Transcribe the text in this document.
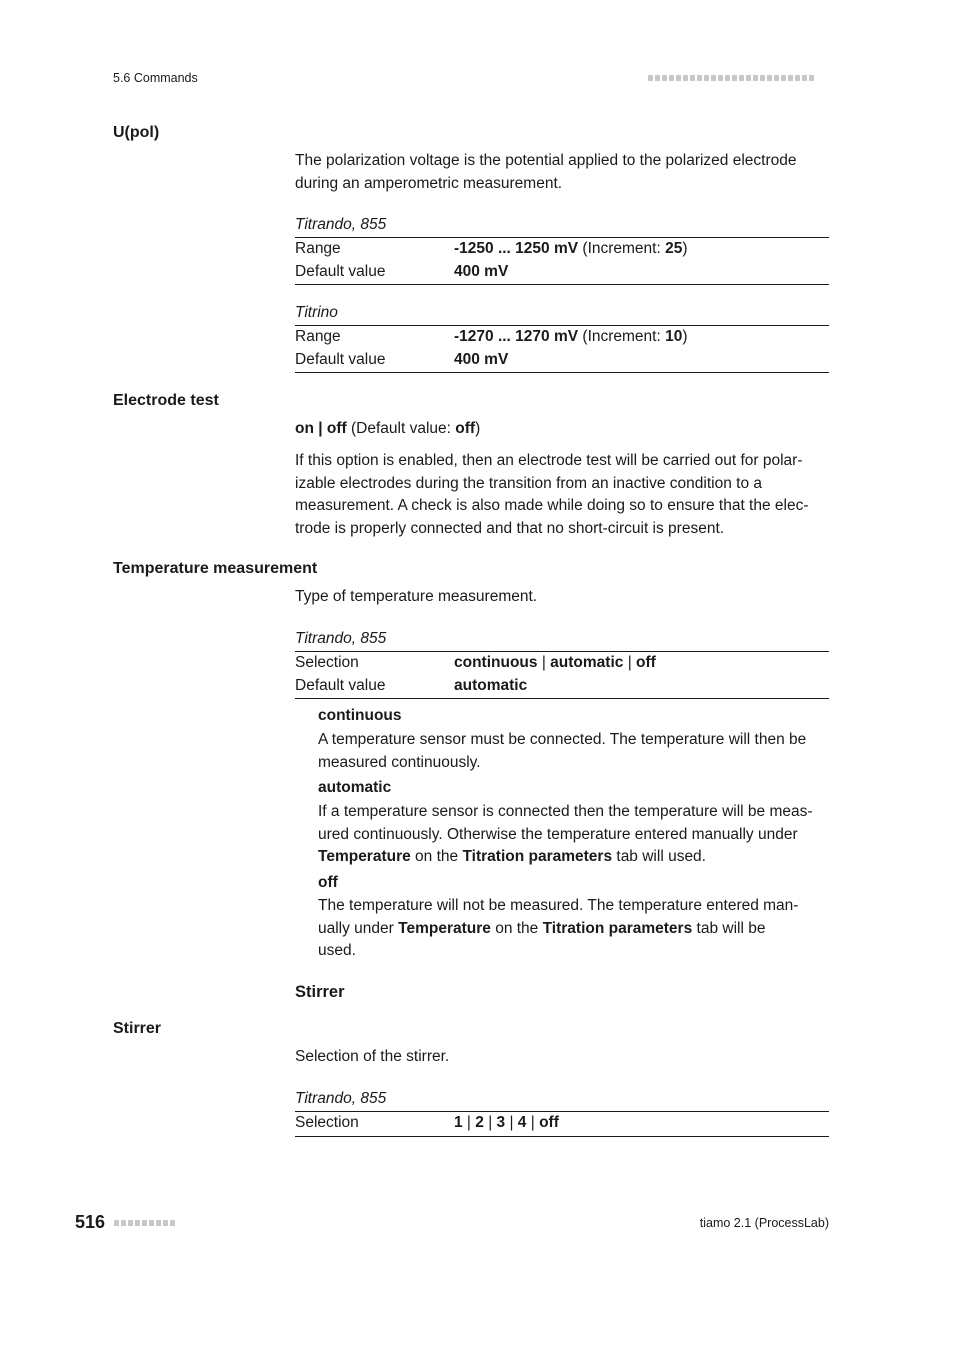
5.6 Commands
U(pol)
The polarization voltage is the potential applied to the polarized electrode
during an amperometric measurement.
Titrando, 855
Range	-1250 ... 1250 mV (Increment: 25)
Default value	400 mV
Titrino
Range	-1270 ... 1270 mV (Increment: 10)
Default value	400 mV
Electrode test
on | off (Default value: off)
If this option is enabled, then an electrode test will be carried out for polar-
izable electrodes during the transition from an inactive condition to a
measurement. A check is also made while doing so to ensure that the elec-
trode is properly connected and that no short-circuit is present.
Temperature measurement
Type of temperature measurement.
Titrando, 855
Selection	continuous | automatic | off
Default value	automatic
continuous
A temperature sensor must be connected. The temperature will then be
measured continuously.
automatic
If a temperature sensor is connected then the temperature will be meas-
ured continuously. Otherwise the temperature entered manually under
Temperature on the Titration parameters tab will used.
off
The temperature will not be measured. The temperature entered man-
ually under Temperature on the Titration parameters tab will be
used.
Stirrer
Stirrer
Selection of the stirrer.
Titrando, 855
Selection	1 | 2 | 3 | 4 | off
516	tiamo 2.1 (ProcessLab)
